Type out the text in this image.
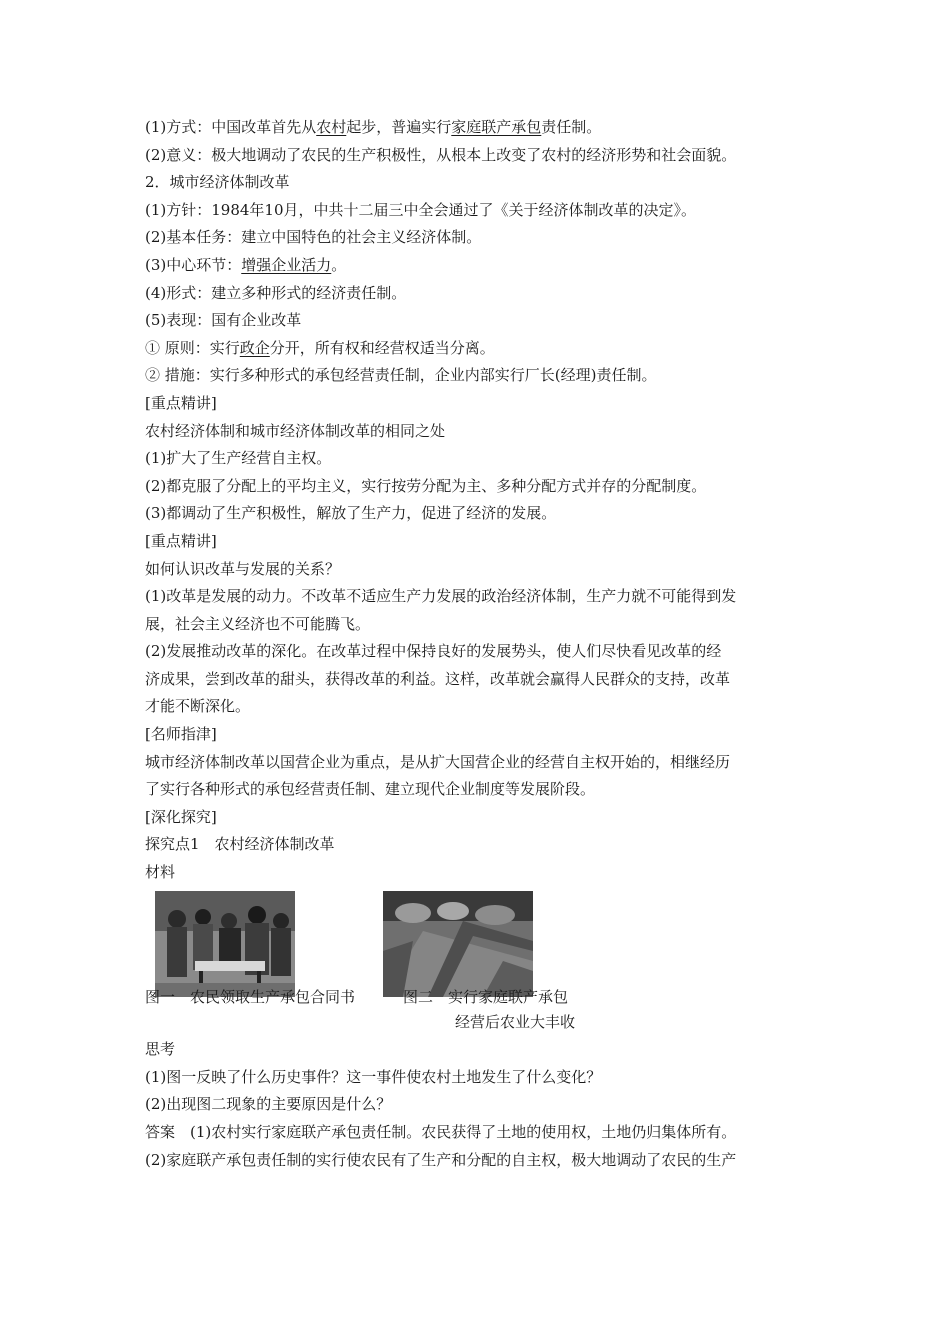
(1)方式：中国改革首先从农村起步，普遍实行家庭联产承包责任制。
(2)意义：极大地调动了农民的生产积极性，从根本上改变了农村的经济形势和社会面貌。
2．城市经济体制改革
(1)方针：1984年10月，中共十二届三中全会通过了《关于经济体制改革的决定》。
(2)基本任务：建立中国特色的社会主义经济体制。
(3)中心环节：增强企业活力。
(4)形式：建立多种形式的经济责任制。
(5)表现：国有企业改革
① 原则：实行政企分开，所有权和经营权适当分离。
② 措施：实行多种形式的承包经营责任制，企业内部实行厂长(经理)责任制。
[重点精讲]
农村经济体制和城市经济体制改革的相同之处
(1)扩大了生产经营自主权。
(2)都克服了分配上的平均主义，实行按劳分配为主、多种分配方式并存的分配制度。
(3)都调动了生产积极性，解放了生产力，促进了经济的发展。
[重点精讲]
如何认识改革与发展的关系？
(1)改革是发展的动力。不改革不适应生产力发展的政治经济体制，生产力就不可能得到发
展，社会主义经济也不可能腾飞。
(2)发展推动改革的深化。在改革过程中保持良好的发展势头，使人们尽快看见改革的经
济成果，尝到改革的甜头，获得改革的利益。这样，改革就会赢得人民群众的支持，改革
才能不断深化。
[名师指津]
城市经济体制改革以国营企业为重点，是从扩大国营企业的经营自主权开始的，相继经历
了实行各种形式的承包经营责任制、建立现代企业制度等发展阶段。
[深化探究]
探究点1　农村经济体制改革
材料
图一　农民领取生产承包合同书	图二　实行家庭联产承包
经营后农业大丰收
思考
(1)图一反映了什么历史事件？这一事件使农村土地发生了什么变化？
(2)出现图二现象的主要原因是什么？
答案　(1)农村实行家庭联产承包责任制。农民获得了土地的使用权，土地仍归集体所有。
(2)家庭联产承包责任制的实行使农民有了生产和分配的自主权，极大地调动了农民的生产
